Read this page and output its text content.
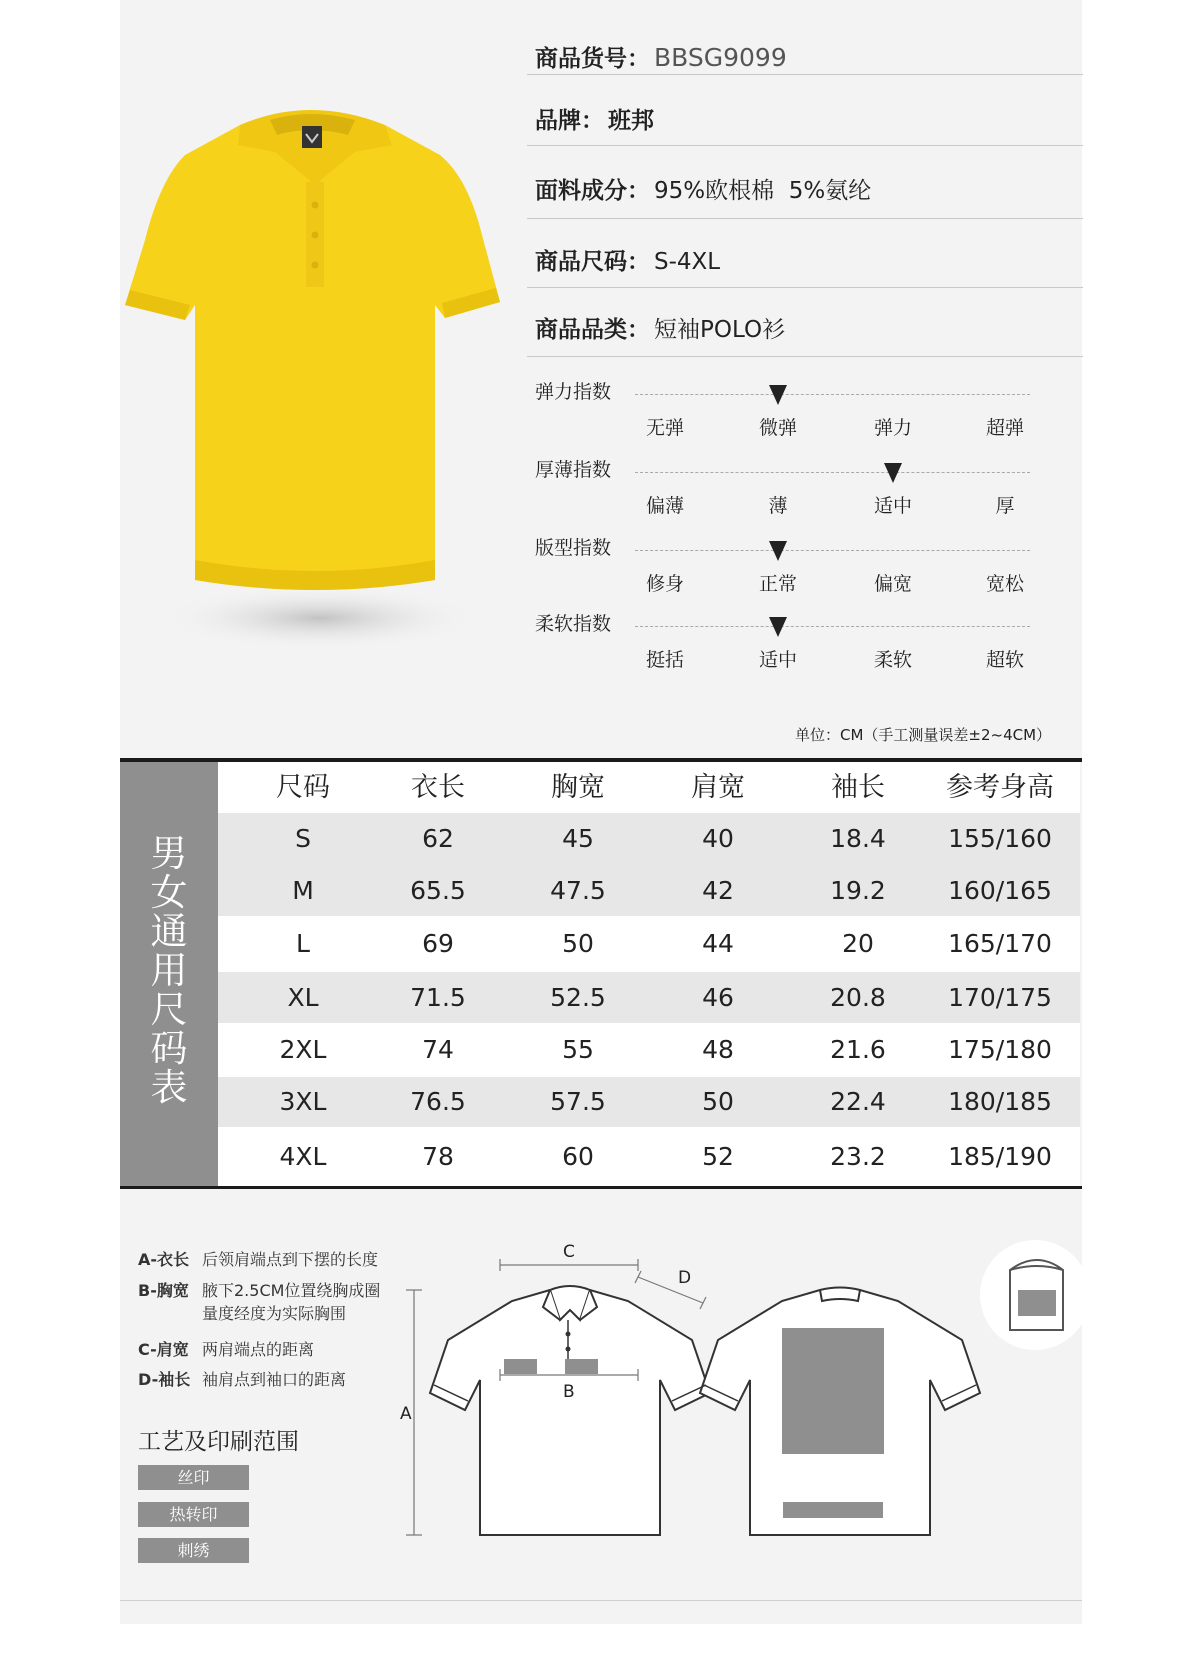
商品货号： BBSG9099
品牌： 班邦
面料成分： 95%欧根棉  5%氨纶
商品尺码： S-4XL
商品品类： 短袖POLO衫
弹力指数
无弹	微弹	弹力	超弹
厚薄指数
偏薄	薄	适中	厚
版型指数
修身	正常	偏宽	宽松
柔软指数
挺括	适中	柔软	超软
单位：CM（手工测量误差±2~4CM）
男
女
通
用
尺
码
表
尺码	衣长	胸宽	肩宽	袖长	参考身高
S	62	45	40	18.4	155/160
M	65.5	47.5	42	19.2	160/165
L	69	50	44	20	165/170
XL	71.5	52.5	46	20.8	170/175
2XL	74	55	48	21.6	175/180
3XL	76.5	57.5	50	22.4	180/185
4XL	78	60	52	23.2	185/190
A-衣长 后领肩端点到下摆的长度
B-胸宽 腋下2.5CM位置绕胸成圈
量度经度为实际胸围
C-肩宽 两肩端点的距离
D-袖长 袖肩点到袖口的距离
工艺及印刷范围
丝印
热转印
刺绣
C
D
B
A
